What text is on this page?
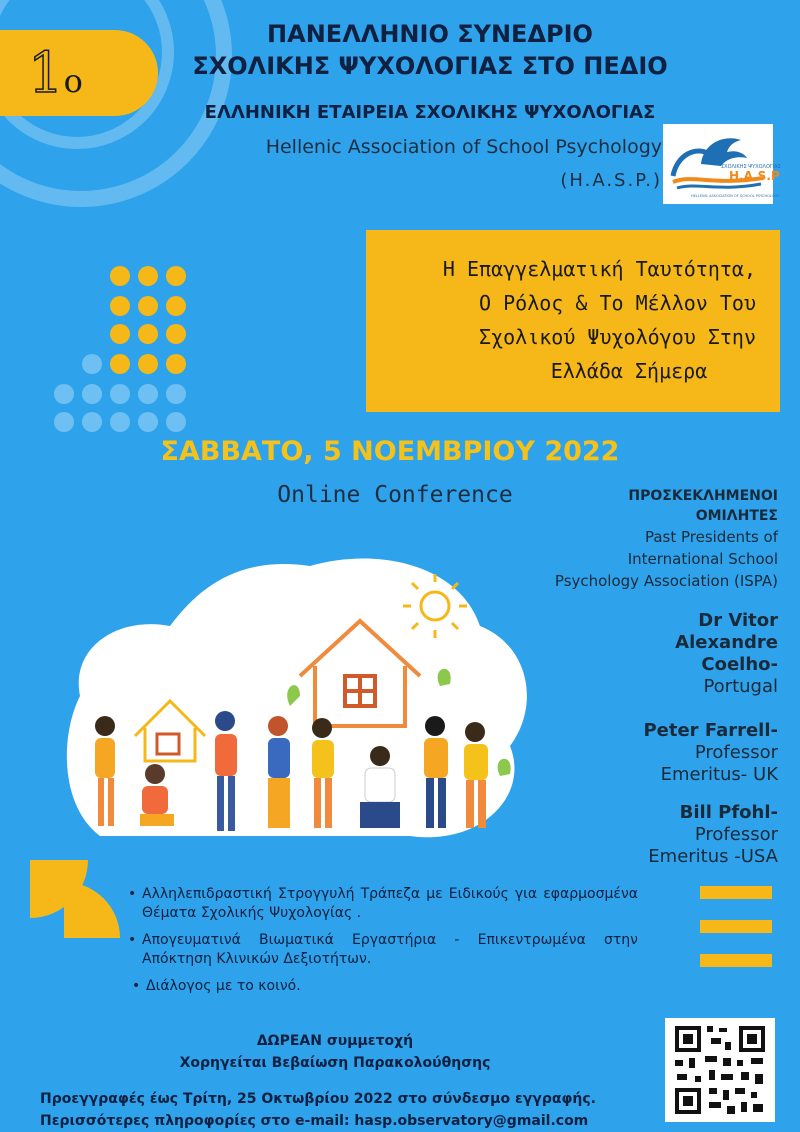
1ο
ΠΑΝΕΛΛΗΝΙΟ ΣΥΝΕΔΡΙΟ
ΣΧΟΛΙΚΗΣ ΨΥΧΟΛΟΓΙΑΣ ΣΤΟ ΠΕΔΙΟ
ΕΛΛΗΝΙΚΗ ΕΤΑΙΡΕΙΑ ΣΧΟΛΙΚΗΣ ΨΥΧΟΛΟΓΙΑΣ
Hellenic Association of School Psychology
(H.A.S.P.)
ΣΧΟΛΙΚΗΣ ΨΥΧΟΛΟΓΙΑΣ
H.A.S.P
HELLENIC ASSOCIATION OF SCHOOL PSYCHOLOGY
Η Επαγγελματική Ταυτότητα,
Ο Ρόλος & Το Μέλλον Του
Σχολικού Ψυχολόγου Στην
Ελλάδα Σήμερα
ΣΑΒΒΑΤΟ, 5 ΝΟΕΜΒΡΙΟΥ 2022
Online Conference	ΠΡΟΣΚΕΚΛΗΜΕΝΟΙ
ΟΜΙΛΗΤΕΣ
Past Presidents of
International School
Psychology Association (ISPA)
Dr Vitor
Alexandre
Coelho-
Portugal
Peter Farrell-
Professor
Emeritus- UK
Bill Pfohl-
Professor
Emeritus -USA
• Αλληλεπιδραστική Στρογγυλή Τράπεζα με Ειδικούς για εφαρμοσμένα Θέματα Σχολικής Ψυχολογίας .
• Απογευματινά Βιωματικά Εργαστήρια - Επικεντρωμένα στην Απόκτηση Κλινικών Δεξιοτήτων.
• Διάλογος με το κοινό.
ΔΩΡΕΑΝ συμμετοχή
Χορηγείται Βεβαίωση Παρακολούθησης
Προεγγραφές έως Τρίτη, 25 Οκτωβρίου 2022 στο σύνδεσμο εγγραφής.
Περισσότερες πληροφορίες στο e-mail: hasp.observatory@gmail.com
